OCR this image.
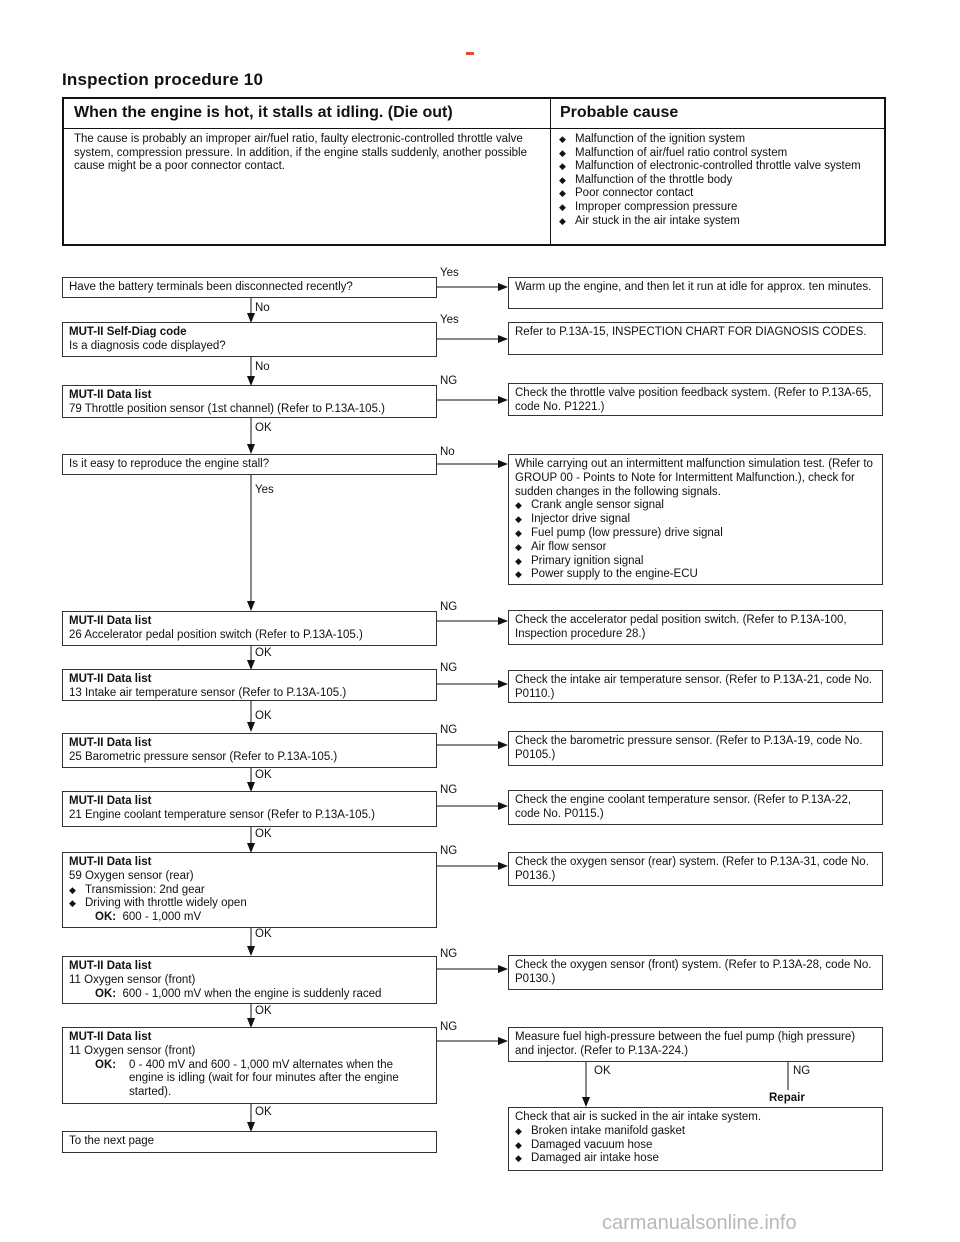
Inspection procedure 10
When the engine is hot, it stalls at idling. (Die out)	Probable cause
The cause is probably an improper air/fuel ratio, faulty electronic-controlled throttle valve system, compression pressure. In addition, if the engine stalls suddenly, another possible cause might be a poor connector contact.
◆ Malfunction of the ignition system
◆ Malfunction of air/fuel ratio control system
◆ Malfunction of electronic-controlled throttle valve system
◆ Malfunction of the throttle body
◆ Poor connector contact
◆ Improper compression pressure
◆ Air stuck in the air intake system
Have the battery terminals been disconnected recently?
Yes
No
Warm up the engine, and then let it run at idle for approx. ten minutes.
MUT-II Self-Diag code
Is a diagnosis code displayed?
Yes
No
Refer to P.13A-15, INSPECTION CHART FOR DIAGNOSIS CODES.
MUT-II Data list
79 Throttle position sensor (1st channel) (Refer to P.13A-105.)
NG
OK
Check the throttle valve position feedback system. (Refer to P.13A-65, code No. P1221.)
Is it easy to reproduce the engine stall?
No
Yes
While carrying out an intermittent malfunction simulation test. (Refer to GROUP 00 - Points to Note for Intermittent Malfunction.), check for sudden changes in the following signals.
◆ Crank angle sensor signal
◆ Injector drive signal
◆ Fuel pump (low pressure) drive signal
◆ Air flow sensor
◆ Primary ignition signal
◆ Power supply to the engine-ECU
MUT-II Data list
26 Accelerator pedal position switch (Refer to P.13A-105.)
NG
OK
Check the accelerator pedal position switch. (Refer to P.13A-100, Inspection procedure 28.)
MUT-II Data list
13 Intake air temperature sensor (Refer to P.13A-105.)
NG
OK
Check the intake air temperature sensor. (Refer to P.13A-21, code No. P0110.)
MUT-II Data list
25 Barometric pressure sensor (Refer to P.13A-105.)
NG
OK
Check the barometric pressure sensor. (Refer to P.13A-19, code No. P0105.)
MUT-II Data list
21 Engine coolant temperature sensor (Refer to P.13A-105.)
NG
OK
Check the engine coolant temperature sensor. (Refer to P.13A-22, code No. P0115.)
MUT-II Data list
59 Oxygen sensor (rear)
◆ Transmission: 2nd gear
◆ Driving with throttle widely open
OK: 600 - 1,000 mV
NG
OK
Check the oxygen sensor (rear) system. (Refer to P.13A-31, code No. P0136.)
MUT-II Data list
11 Oxygen sensor (front)
OK: 600 - 1,000 mV when the engine is suddenly raced
NG
OK
Check the oxygen sensor (front) system. (Refer to P.13A-28, code No. P0130.)
MUT-II Data list
11 Oxygen sensor (front)
OK: 0 - 400 mV and 600 - 1,000 mV alternates when the engine is idling (wait for four minutes after the engine started).
NG
OK
Measure fuel high-pressure between the fuel pump (high pressure) and injector. (Refer to P.13A-224.)
OK	NG
Repair
To the next page
Check that air is sucked in the air intake system.
◆ Broken intake manifold gasket
◆ Damaged vacuum hose
◆ Damaged air intake hose
carmanualsonline.info
